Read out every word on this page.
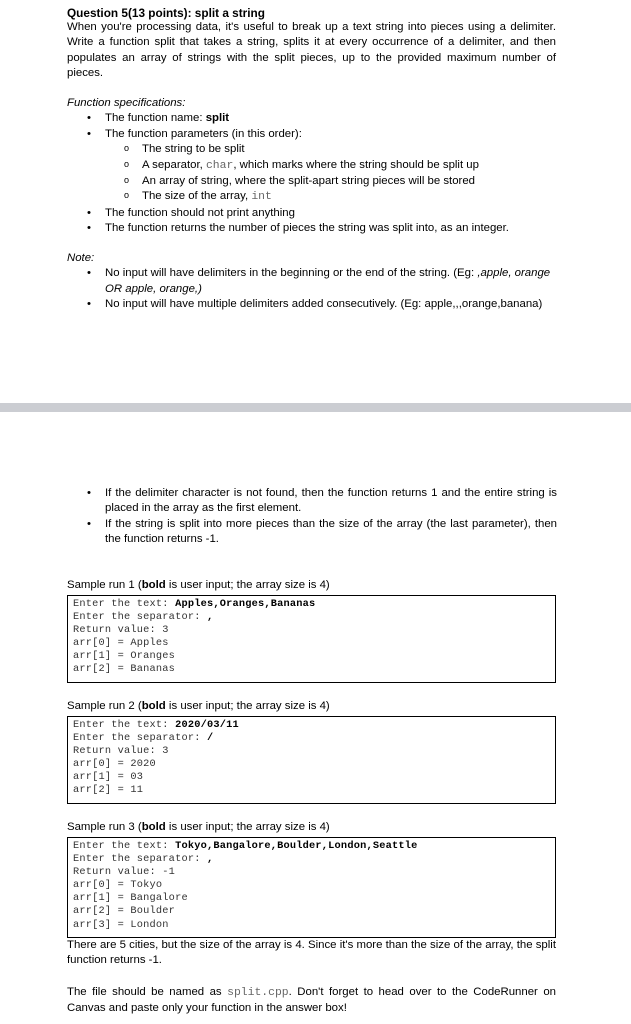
Question 5(13 points): split a string

When you're processing data, it's useful to break up a text string into pieces using a delimiter. Write a function split that takes a string, splits it at every occurrence of a delimiter, and then populates an array of strings with the split pieces, up to the provided maximum number of pieces.

Function specifications:

• The function name: split
• The function parameters (in this order):
o The string to be split
o A separator, char, which marks where the string should be split up
o An array of string, where the split-apart string pieces will be stored
o The size of the array, int
• The function should not print anything
• The function returns the number of pieces the string was split into, as an integer.

Note:

• No input will have delimiters in the beginning or the end of the string. (Eg: ,apple, orange OR apple, orange,)
• No input will have multiple delimiters added consecutively. (Eg: apple,,,orange,banana)
• If the delimiter character is not found, then the function returns 1 and the entire string is placed in the array as the first element.
• If the string is split into more pieces than the size of the array (the last parameter), then the function returns -1.

Sample run 1 (bold is user input; the array size is 4)

Enter the text: Apples,Oranges,Bananas
Enter the separator: ,
Return value: 3
arr[0] = Apples
arr[1] = Oranges
arr[2] = Bananas

Sample run 2 (bold is user input; the array size is 4)

Enter the text: 2020/03/11
Enter the separator: /
Return value: 3
arr[0] = 2020
arr[1] = 03
arr[2] = 11

Sample run 3 (bold is user input; the array size is 4)

Enter the text: Tokyo,Bangalore,Boulder,London,Seattle
Enter the separator: ,
Return value: -1
arr[0] = Tokyo
arr[1] = Bangalore
arr[2] = Boulder
arr[3] = London

There are 5 cities, but the size of the array is 4. Since it's more than the size of the array, the split function returns -1.

The file should be named as split.cpp. Don't forget to head over to the CodeRunner on Canvas and paste only your function in the answer box!
